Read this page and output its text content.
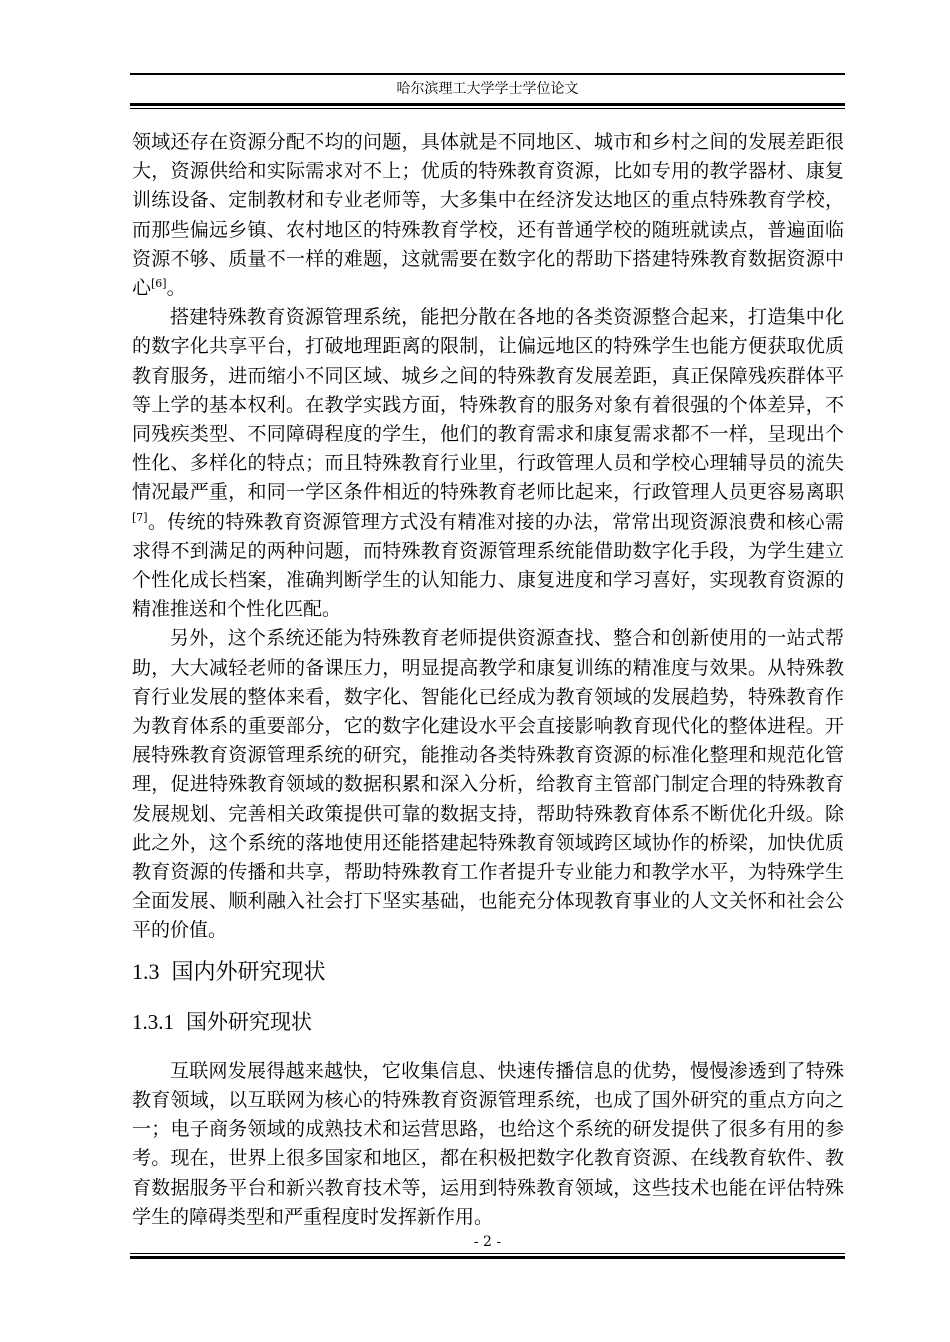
哈尔滨理工大学学士学位论文

领域还存在资源分配不均的问题，具体就是不同地区、城市和乡村之间的发展差距很大，资源供给和实际需求对不上；优质的特殊教育资源，比如专用的教学器材、康复训练设备、定制教材和专业老师等，大多集中在经济发达地区的重点特殊教育学校，而那些偏远乡镇、农村地区的特殊教育学校，还有普通学校的随班就读点，普遍面临资源不够、质量不一样的难题，这就需要在数字化的帮助下搭建特殊教育数据资源中心[6]。

搭建特殊教育资源管理系统，能把分散在各地的各类资源整合起来，打造集中化的数字化共享平台，打破地理距离的限制，让偏远地区的特殊学生也能方便获取优质教育服务，进而缩小不同区域、城乡之间的特殊教育发展差距，真正保障残疾群体平等上学的基本权利。在教学实践方面，特殊教育的服务对象有着很强的个体差异，不同残疾类型、不同障碍程度的学生，他们的教育需求和康复需求都不一样，呈现出个性化、多样化的特点；而且特殊教育行业里，行政管理人员和学校心理辅导员的流失情况最严重，和同一学区条件相近的特殊教育老师比起来，行政管理人员更容易离职[7]。传统的特殊教育资源管理方式没有精准对接的办法，常常出现资源浪费和核心需求得不到满足的两种问题，而特殊教育资源管理系统能借助数字化手段，为学生建立个性化成长档案，准确判断学生的认知能力、康复进度和学习喜好，实现教育资源的精准推送和个性化匹配。

另外，这个系统还能为特殊教育老师提供资源查找、整合和创新使用的一站式帮助，大大减轻老师的备课压力，明显提高教学和康复训练的精准度与效果。从特殊教育行业发展的整体来看，数字化、智能化已经成为教育领域的发展趋势，特殊教育作为教育体系的重要部分，它的数字化建设水平会直接影响教育现代化的整体进程。开展特殊教育资源管理系统的研究，能推动各类特殊教育资源的标准化整理和规范化管理，促进特殊教育领域的数据积累和深入分析，给教育主管部门制定合理的特殊教育发展规划、完善相关政策提供可靠的数据支持，帮助特殊教育体系不断优化升级。除此之外，这个系统的落地使用还能搭建起特殊教育领域跨区域协作的桥梁，加快优质教育资源的传播和共享，帮助特殊教育工作者提升专业能力和教学水平，为特殊学生全面发展、顺利融入社会打下坚实基础，也能充分体现教育事业的人文关怀和社会公平的价值。

1.3 国内外研究现状
1.3.1 国外研究现状

互联网发展得越来越快，它收集信息、快速传播信息的优势，慢慢渗透到了特殊教育领域，以互联网为核心的特殊教育资源管理系统，也成了国外研究的重点方向之一；电子商务领域的成熟技术和运营思路，也给这个系统的研发提供了很多有用的参考。现在，世界上很多国家和地区，都在积极把数字化教育资源、在线教育软件、教育数据服务平台和新兴教育技术等，运用到特殊教育领域，这些技术也能在评估特殊学生的障碍类型和严重程度时发挥新作用。

- 2 -
